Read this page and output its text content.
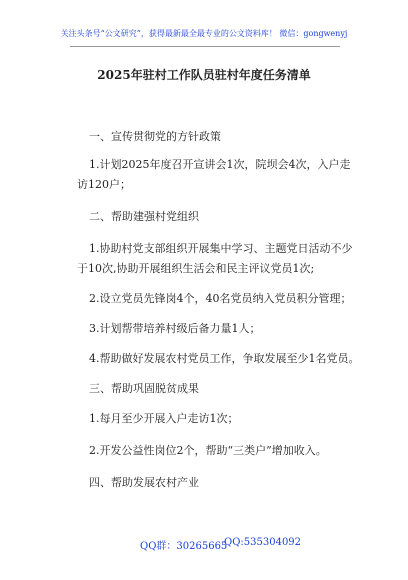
关注头条号“公文研究”，获得最新最全最专业的公文资料库！ 微信：gongwenyj
2025年驻村工作队员驻村年度任务清单
一、宣传贯彻党的方针政策
1.计划2025年度召开宣讲会1次，院坝会4次，入户走
访120户；
二、帮助建强村党组织
1.协助村党支部组织开展集中学习、主题党日活动不少
于10次,协助开展组织生活会和民主评议党员1次;
2.设立党员先锋岗4个，40名党员纳入党员积分管理；
3.计划帮带培养村级后备力量1人；
4.帮助做好发展农村党员工作，争取发展至少1名党员。
三、帮助巩固脱贫成果
1.每月至少开展入户走访1次；
2.开发公益性岗位2个，帮助“三类户”增加收入。
四、帮助发展农村产业
QQ群：30265665
QQ:535304092
